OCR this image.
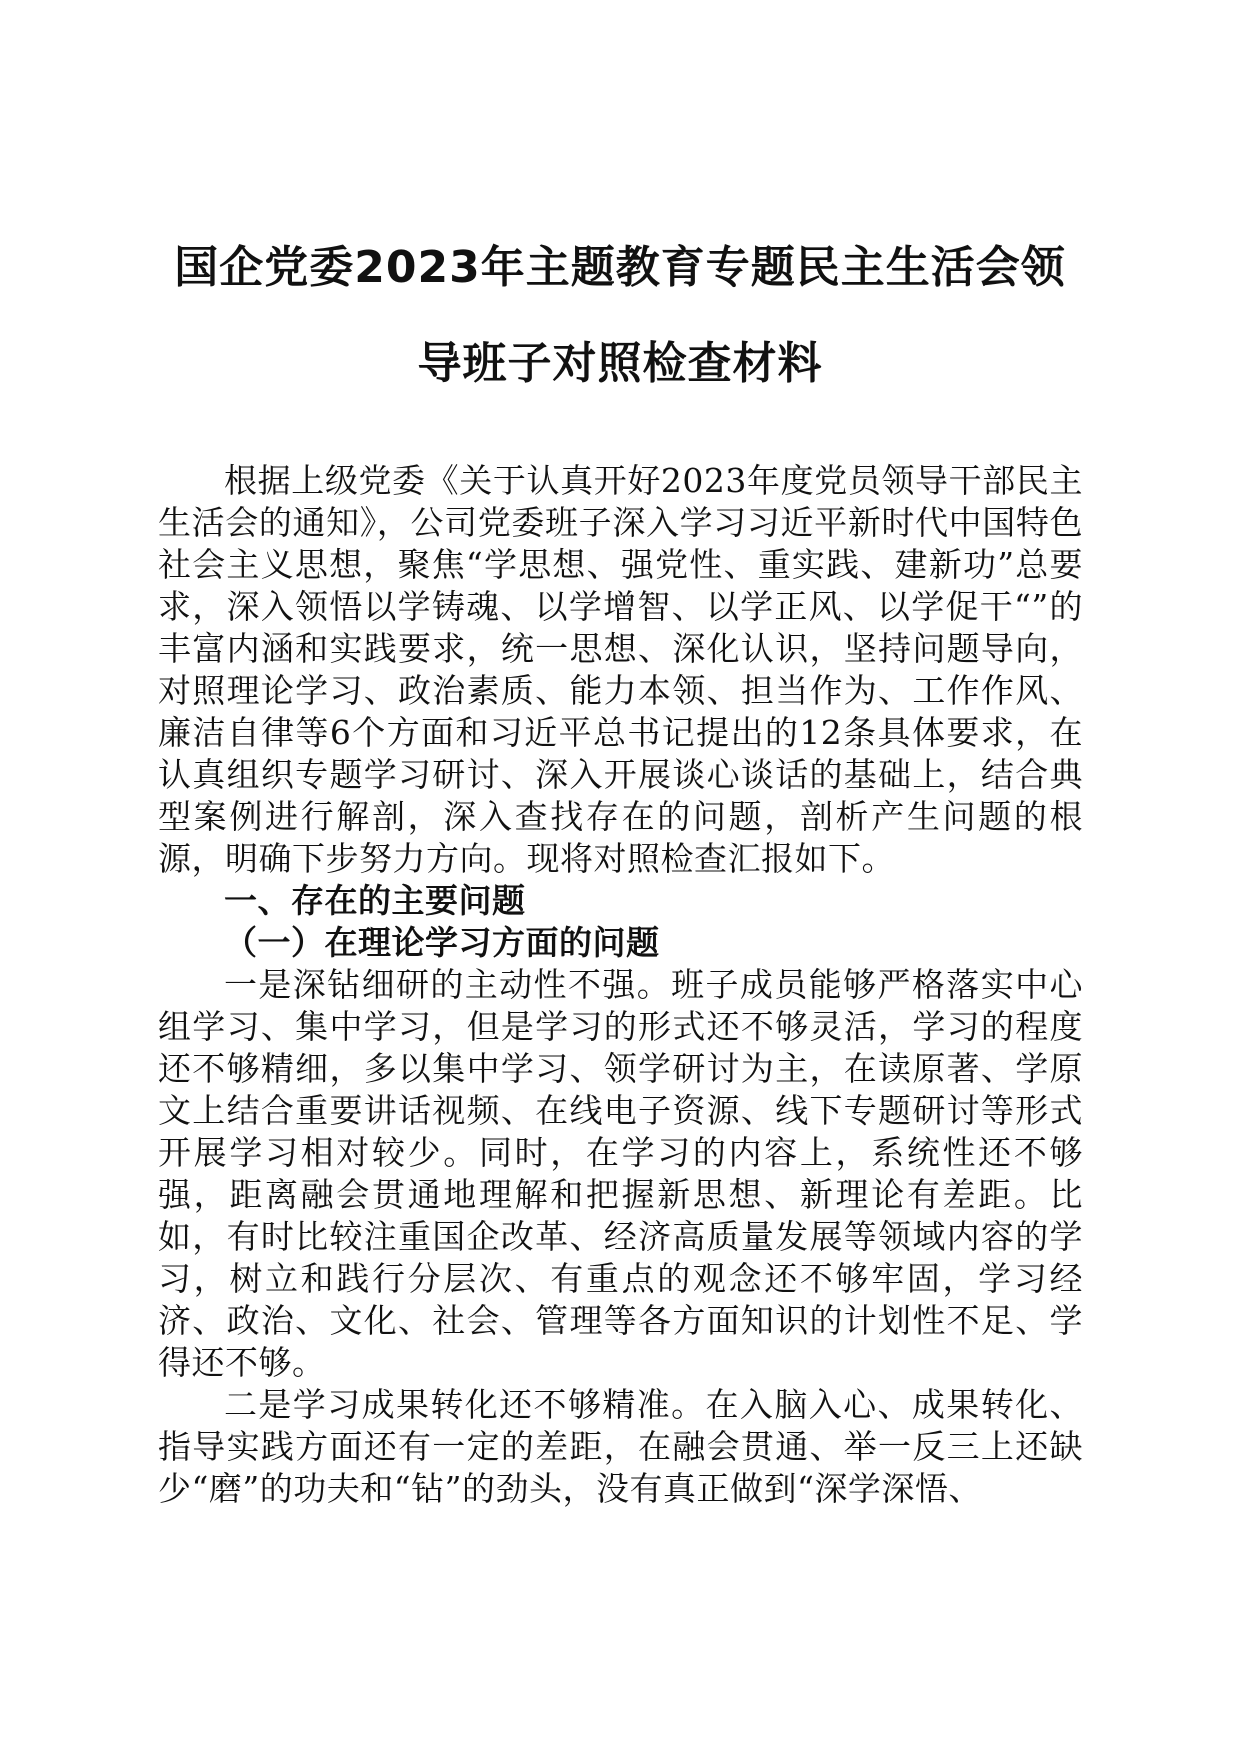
国企党委2023年主题教育专题民主生活会领
导班子对照检查材料

根据上级党委《关于认真开好2023年度党员领导干部民主生活会的通知》，公司党委班子深入学习习近平新时代中国特色社会主义思想，聚焦“学思想、强党性、重实践、建新功”总要求，深入领悟以学铸魂、以学增智、以学正风、以学促干“”的丰富内涵和实践要求，统一思想、深化认识，坚持问题导向，对照理论学习、政治素质、能力本领、担当作为、工作作风、廉洁自律等6个方面和习近平总书记提出的12条具体要求，在认真组织专题学习研讨、深入开展谈心谈话的基础上，结合典型案例进行解剖，深入查找存在的问题，剖析产生问题的根源，明确下步努力方向。现将对照检查汇报如下。

一、存在的主要问题

（一）在理论学习方面的问题

一是深钻细研的主动性不强。班子成员能够严格落实中心组学习、集中学习，但是学习的形式还不够灵活，学习的程度还不够精细，多以集中学习、领学研讨为主，在读原著、学原文上结合重要讲话视频、在线电子资源、线下专题研讨等形式开展学习相对较少。同时，在学习的内容上，系统性还不够强，距离融会贯通地理解和把握新思想、新理论有差距。比如，有时比较注重国企改革、经济高质量发展等领域内容的学习，树立和践行分层次、有重点的观念还不够牢固，学习经济、政治、文化、社会、管理等各方面知识的计划性不足、学得还不够。

二是学习成果转化还不够精准。在入脑入心、成果转化、指导实践方面还有一定的差距，在融会贯通、举一反三上还缺少“磨”的功夫和“钻”的劲头，没有真正做到“深学深悟、
